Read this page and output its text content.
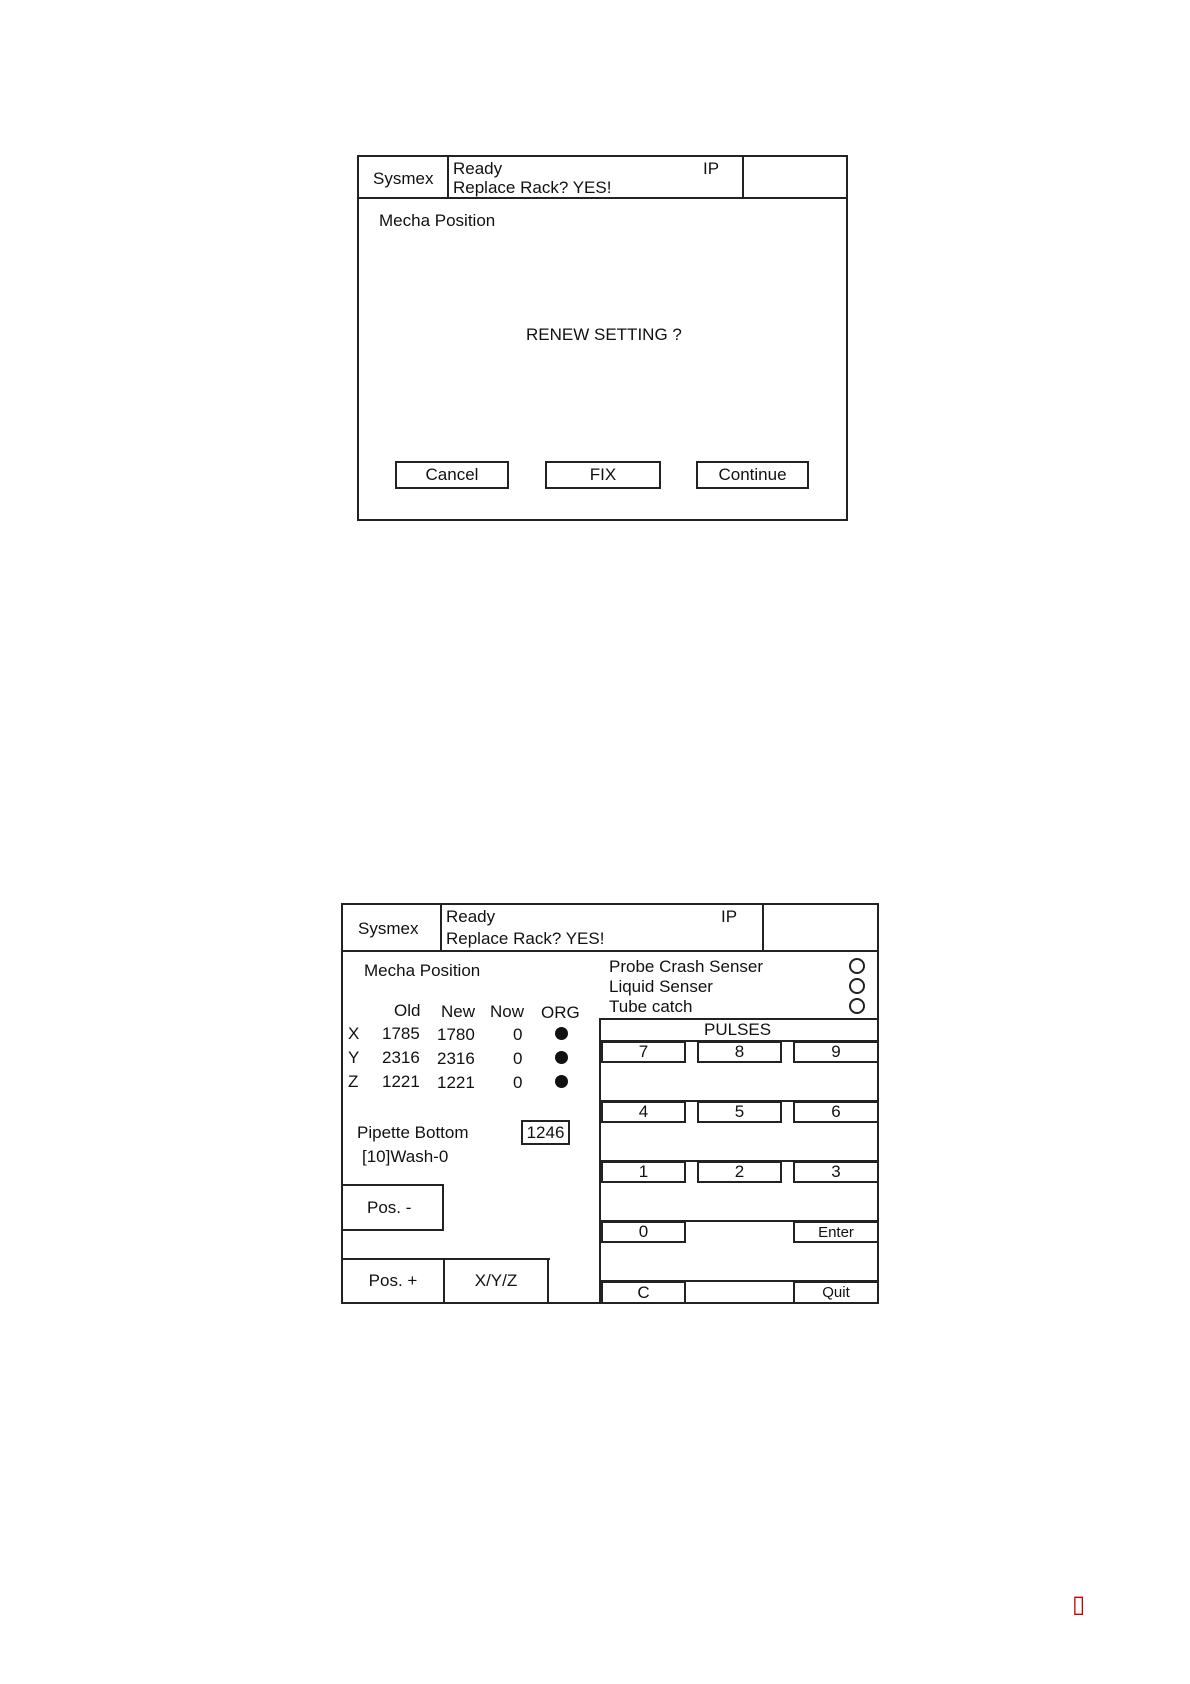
Sysmex
Ready	IP
Replace Rack? YES!
Mecha Position
RENEW SETTING ?
Cancel	FIX	Continue
Sysmex
Ready	IP
Replace Rack? YES!
Mecha Position
Old New Now ORG
X 1785 1780 0
Y 2316 2316 0
Z 1221 1221 0
Probe Crash Senser
Liquid Senser
Tube catch
Pipette Bottom	1246
[10]Wash-0
Pos. -
Pos. +	X/Y/Z
PULSES
7	8	9
4	5	6
1	2	3
0	Enter
C	Quit
▯
